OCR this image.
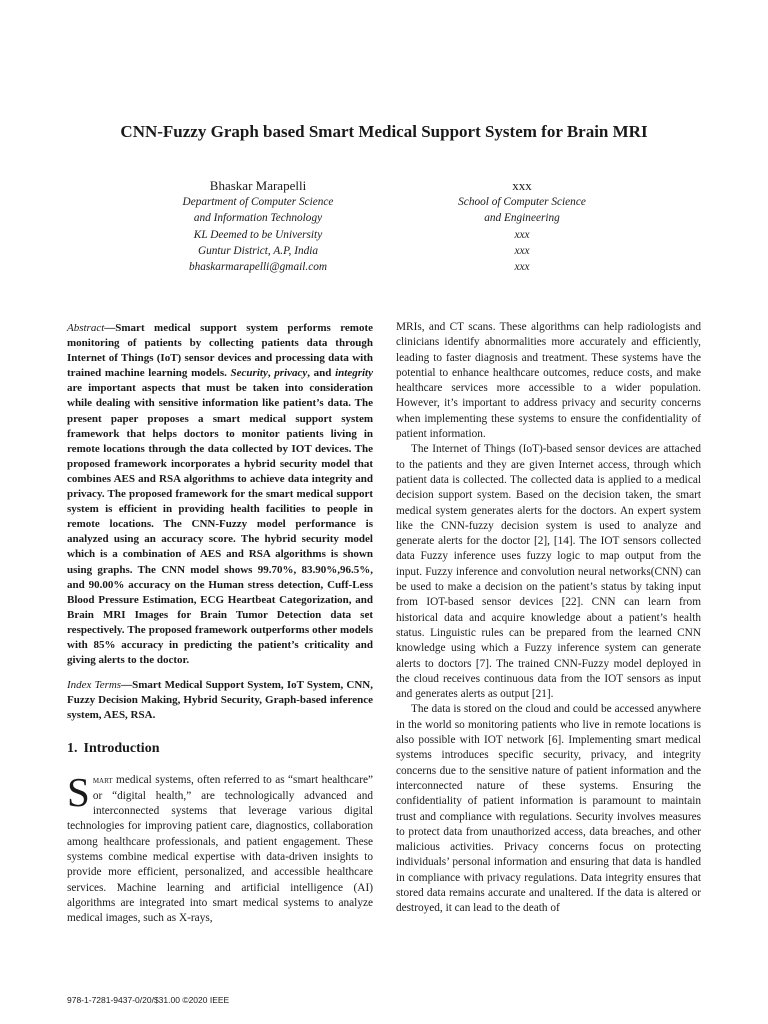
CNN-Fuzzy Graph based Smart Medical Support System for Brain MRI
Bhaskar Marapelli
Department of Computer Science
and Information Technology
KL Deemed to be University
Guntur District, A.P, India
bhaskarmarapelli@gmail.com
xxx
School of Computer Science
and Engineering
xxx
xxx
xxx

Abstract—Smart medical support system performs remote monitoring of patients by collecting patients data through Internet of Things (IoT) sensor devices and processing data with trained machine learning models. Security, privacy, and integrity are important aspects that must be taken into consideration while dealing with sensitive information like patient’s data. The present paper proposes a smart medical support system framework that helps doctors to monitor patients living in remote locations through the data collected by IOT devices. The proposed framework incorporates a hybrid security model that combines AES and RSA algorithms to achieve data integrity and privacy. The proposed framework for the smart medical support system is efficient in providing health facilities to people in remote locations. The CNN-Fuzzy model performance is analyzed using an accuracy score. The hybrid security model which is a combination of AES and RSA algorithms is shown using graphs. The CNN model shows 99.70%, 83.90%,96.5%, and 90.00% accuracy on the Human stress detection, Cuff-Less Blood Pressure Estimation, ECG Heartbeat Categorization, and Brain MRI Images for Brain Tumor Detection data set respectively. The proposed framework outperforms other models with 85% accuracy in predicting the patient’s criticality and giving alerts to the doctor.

Index Terms—Smart Medical Support System, IoT System, CNN, Fuzzy Decision Making, Hybrid Security, Graph-based inference system, AES, RSA.

1. Introduction

Smart medical systems, often referred to as “smart healthcare” or “digital health,” are technologically advanced and interconnected systems that leverage various digital technologies for improving patient care, diagnostics, collaboration among healthcare professionals, and patient engagement. These systems combine medical expertise with data-driven insights to provide more efficient, personalized, and accessible healthcare services. Machine learning and artificial intelligence (AI) algorithms are integrated into smart medical systems to analyze medical images, such as X-rays,

MRIs, and CT scans. These algorithms can help radiologists and clinicians identify abnormalities more accurately and efficiently, leading to faster diagnosis and treatment. These systems have the potential to enhance healthcare outcomes, reduce costs, and make healthcare services more accessible to a wider population. However, it’s important to address privacy and security concerns when implementing these systems to ensure the confidentiality of patient information.

The Internet of Things (IoT)-based sensor devices are attached to the patients and they are given Internet access, through which patient data is collected. The collected data is applied to a medical decision support system. Based on the decision taken, the smart medical system generates alerts for the doctors. An expert system like the CNN-fuzzy decision system is used to analyze and generate alerts for the doctor [2], [14]. The IOT sensors collected data Fuzzy inference uses fuzzy logic to map output from the input. Fuzzy inference and convolution neural networks(CNN) can be used to make a decision on the patient’s status by taking input from IOT-based sensor devices [22]. CNN can learn from historical data and acquire knowledge about a patient’s health status. Linguistic rules can be prepared from the learned CNN knowledge using which a Fuzzy inference system can generate alerts to doctors [7]. The trained CNN-Fuzzy model deployed in the cloud receives continuous data from the IOT sensors as input and generates alerts as output [21].

The data is stored on the cloud and could be accessed anywhere in the world so monitoring patients who live in remote locations is also possible with IOT network [6]. Implementing smart medical systems introduces specific security, privacy, and integrity concerns due to the sensitive nature of patient information and the interconnected nature of these systems. Ensuring the confidentiality of patient information is paramount to maintain trust and compliance with regulations. Security involves measures to protect data from unauthorized access, data breaches, and other malicious activities. Privacy concerns focus on protecting individuals’ personal information and ensuring that data is handled in compliance with privacy regulations. Data integrity ensures that stored data remains accurate and unaltered. If the data is altered or destroyed, it can lead to the death of

978-1-7281-9437-0/20/$31.00 ©2020 IEEE
